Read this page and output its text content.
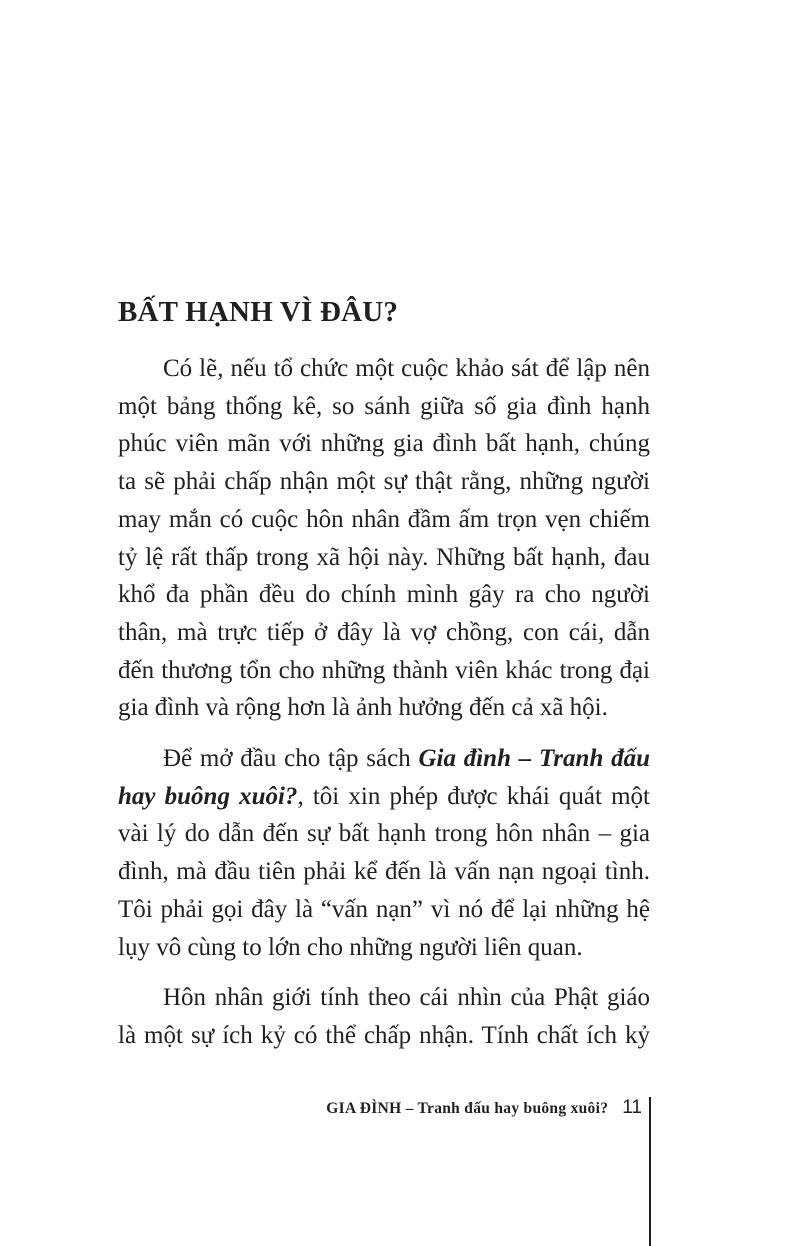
BẤT HẠNH VÌ ĐÂU?

Có lẽ, nếu tổ chức một cuộc khảo sát để lập nên một bảng thống kê, so sánh giữa số gia đình hạnh phúc viên mãn với những gia đình bất hạnh, chúng ta sẽ phải chấp nhận một sự thật rằng, những người may mắn có cuộc hôn nhân đầm ấm trọn vẹn chiếm tỷ lệ rất thấp trong xã hội này. Những bất hạnh, đau khổ đa phần đều do chính mình gây ra cho người thân, mà trực tiếp ở đây là vợ chồng, con cái, dẫn đến thương tổn cho những thành viên khác trong đại gia đình và rộng hơn là ảnh hưởng đến cả xã hội.

Để mở đầu cho tập sách Gia đình – Tranh đấu hay buông xuôi?, tôi xin phép được khái quát một vài lý do dẫn đến sự bất hạnh trong hôn nhân – gia đình, mà đầu tiên phải kể đến là vấn nạn ngoại tình. Tôi phải gọi đây là “vấn nạn” vì nó để lại những hệ lụy vô cùng to lớn cho những người liên quan.

Hôn nhân giới tính theo cái nhìn của Phật giáo là một sự ích kỷ có thể chấp nhận. Tính chất ích kỷ

GIA ĐÌNH – Tranh đấu hay buông xuôi? 11
